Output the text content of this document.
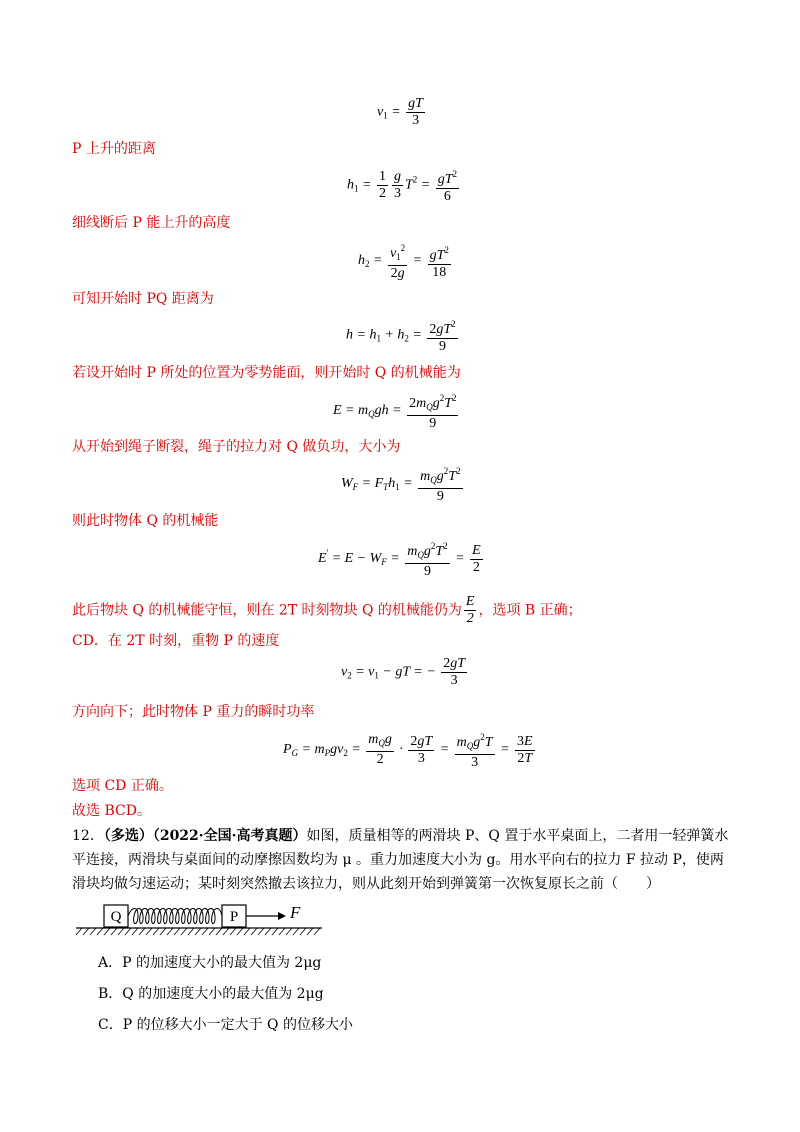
$v_1 = \frac{gT}{3}$
P 上升的距离
$h_1 = \frac{1}{2} \frac{g}{3} T^2 = \frac{gT^2}{6}$
细线断后 P 能上升的高度
$h_2 = \frac{v_1^2}{2g} = \frac{gT^2}{18}$
可知开始时 PQ 距离为
$h = h_1 + h_2 = \frac{2gT^2}{9}$
若设开始时 P 所处的位置为零势能面，则开始时 Q 的机械能为
$E = m_Qgh = \frac{2m_Qg^2T^2}{9}$
从开始到绳子断裂，绳子的拉力对 Q 做负功，大小为
$W_F = F_Th_1 = \frac{m_Qg^2T^2}{9}$
则此时物体 Q 的机械能
$E' = E - W_F = \frac{m_Qg^2T^2}{9} = \frac{E}{2}$
此后物块 Q 的机械能守恒，则在 2T 时刻物块 Q 的机械能仍为 $\frac{E}{2}$ ，选项 B 正确；
CD．在 2T 时刻，重物 P 的速度
$v_2 = v_1$ − gT = − $\frac{2gT}{3}$
方向向下；此时物体 P 重力的瞬时功率
$P_G = m_Pgv_2 = \frac{m_Qg}{2} \cdot \frac{2gT}{3} = \frac{m_Qg^2T}{3} = \frac{3E}{2T}$
选项 CD 正确。
故选 BCD。
12．（多选）（2022·全国·高考真题）如图，质量相等的两滑块 P、Q 置于水平桌面上，二者用一轻弹簧水
平连接，两滑块与桌面间的动摩擦因数均为 μ 。重力加速度大小为 g。用水平向右的拉力 F 拉动 P，使两
滑块均做匀速运动；某时刻突然撤去该拉力，则从此刻开始到弹簧第一次恢复原长之前（　　）
Q	P	F
A．P 的加速度大小的最大值为 2μg
B．Q 的加速度大小的最大值为 2μg
C．P 的位移大小一定大于 Q 的位移大小
